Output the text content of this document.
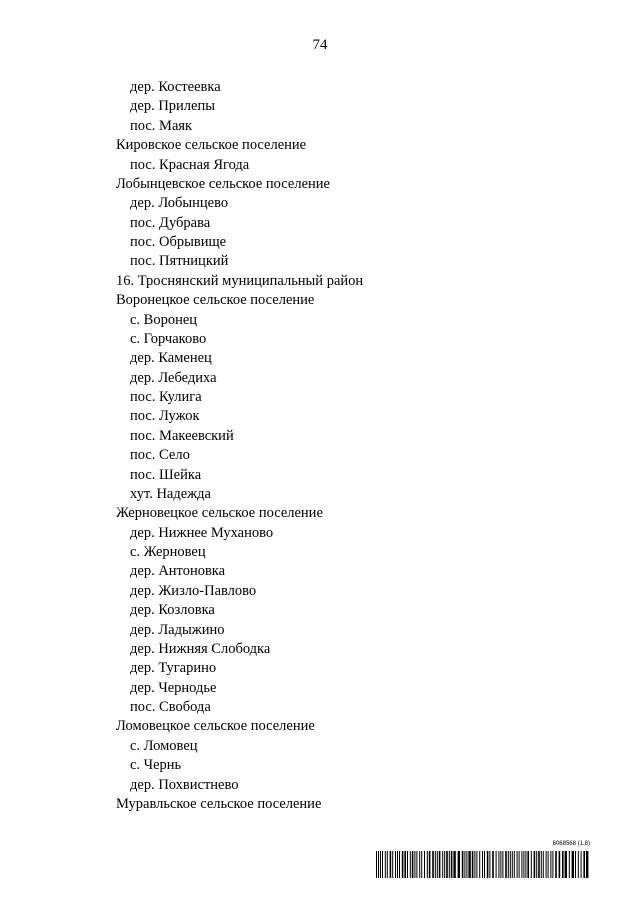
74
дер. Костеевка
дер. Прилепы
пос. Маяк
Кировское сельское поселение
пос. Красная Ягода
Лобынцевское сельское поселение
дер. Лобынцево
пос. Дубрава
пос. Обрывище
пос. Пятницкий
16. Троснянский муниципальный район
Воронецкое сельское поселение
с. Воронец
с. Горчаково
дер. Каменец
дер. Лебедиха
пос. Кулига
пос. Лужок
пос. Макеевский
пос. Село
пос. Шейка
хут. Надежда
Жерновецкое сельское поселение
дер. Нижнее Муханово
с. Жерновец
дер. Антоновка
дер. Жизло-Павлово
дер. Козловка
дер. Ладыжино
дер. Нижняя Слободка
дер. Тугарино
дер. Чернодье
пос. Свобода
Ломовецкое сельское поселение
с. Ломовец
с. Чернь
дер. Похвистнево
Муравльское сельское поселение
6068568 (1.8)
